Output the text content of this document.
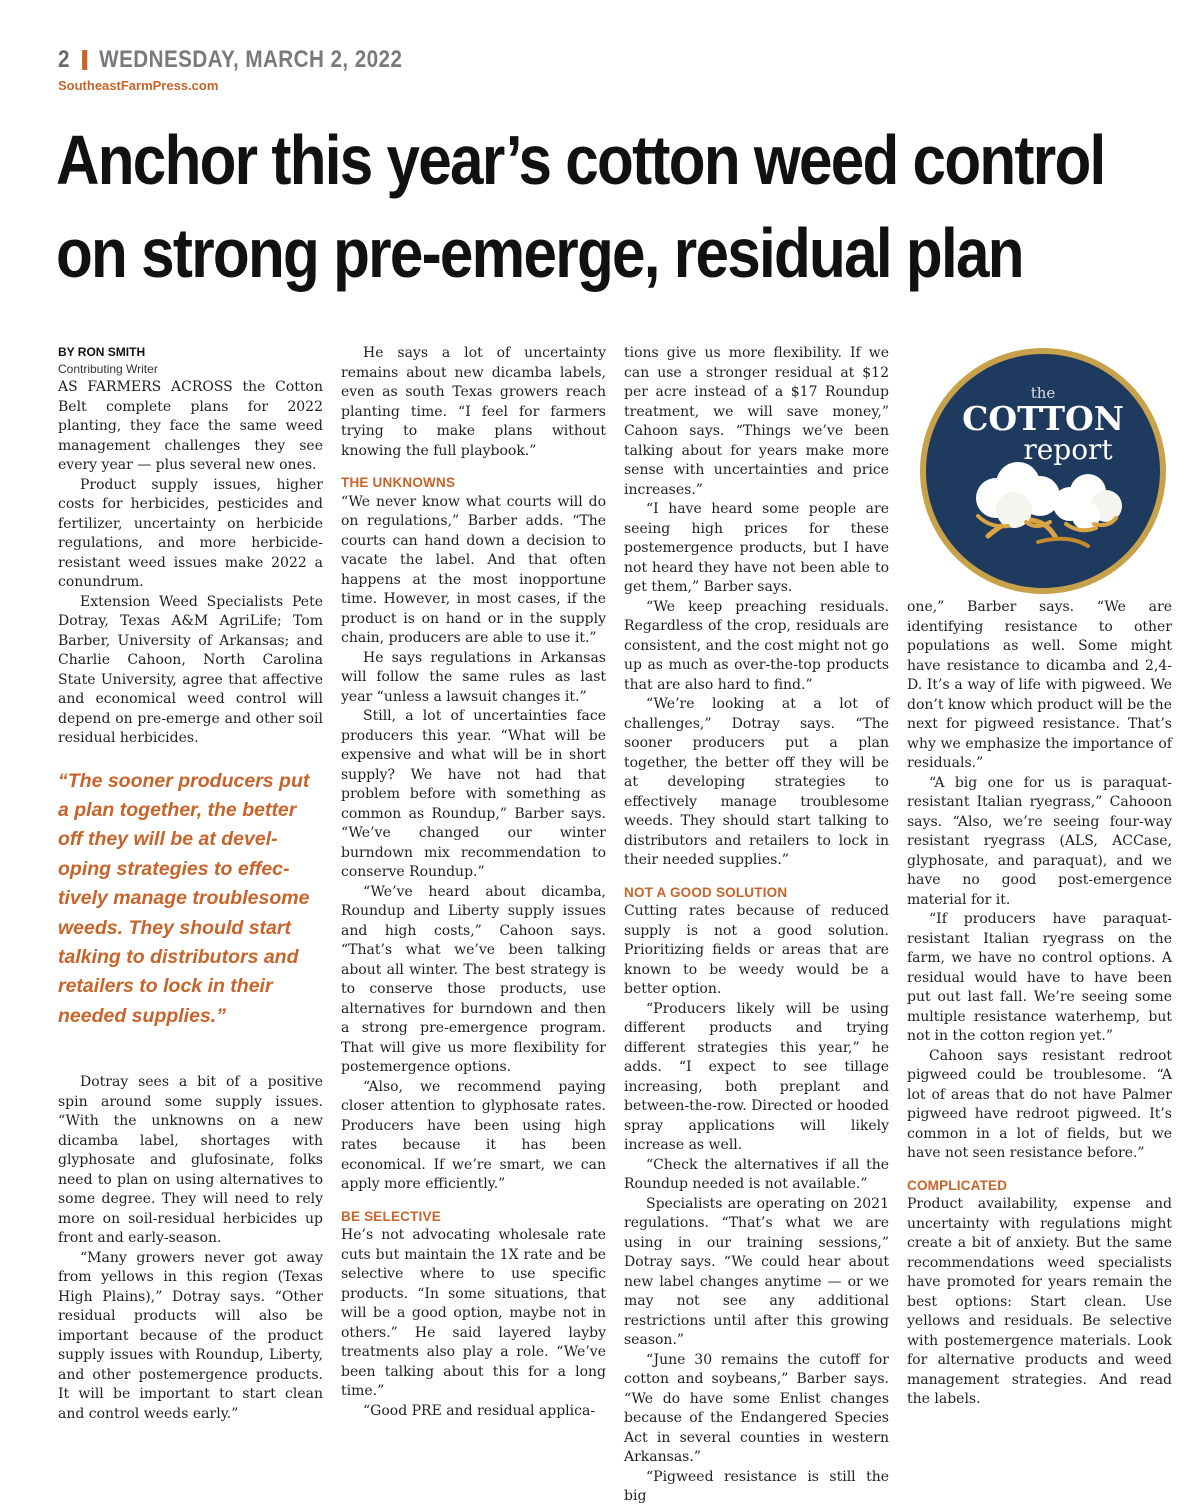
2 WEDNESDAY, MARCH 2, 2022
SoutheastFarmPress.com
Anchor this year’s cotton weed control
on strong pre-emerge, residual plan

BY RON SMITH

Contributing Writer

AS FARMERS ACROSS the Cotton Belt complete plans for 2022 planting, they face the same weed management challenges they see every year — plus several new ones.

Product supply issues, higher costs for herbicides, pesticides and fertilizer, uncertainty on herbicide regulations, and more herbicide-resistant weed issues make 2022 a conundrum.

Extension Weed Specialists Pete Dotray, Texas A&M AgriLife; Tom Barber, University of Arkansas; and Charlie Cahoon, North Carolina State University, agree that affective and economical weed control will depend on pre-emerge and other soil residual herbicides.

“The sooner producers put
a plan together, the better
off they will be at devel-
oping strategies to effec-
tively manage troublesome
weeds. They should start
talking to distributors and
retailers to lock in their
needed supplies.”

Dotray sees a bit of a positive spin around some supply issues. “With the unknowns on a new dicamba label, shortages with glyphosate and glufosinate, folks need to plan on using alternatives to some degree. They will need to rely more on soil-residual herbicides up front and early-season.

“Many growers never got away from yellows in this region (Texas High Plains),” Dotray says. “Other residual products will also be important because of the product supply issues with Roundup, Liberty, and other postemergence products. It will be important to start clean and control weeds early.”

He says a lot of uncertainty remains about new dicamba labels, even as south Texas growers reach planting time. “I feel for farmers trying to make plans without knowing the full playbook.”

THE UNKNOWNS

“We never know what courts will do on regulations,” Barber adds. “The courts can hand down a decision to vacate the label. And that often happens at the most inopportune time. However, in most cases, if the product is on hand or in the supply chain, producers are able to use it.”

He says regulations in Arkansas will follow the same rules as last year “unless a lawsuit changes it.”

Still, a lot of uncertainties face producers this year. “What will be expensive and what will be in short supply? We have not had that problem before with something as common as Roundup,” Barber says. “We’ve changed our winter burndown mix recommendation to conserve Roundup.”

“We’ve heard about dicamba, Roundup and Liberty supply issues and high costs,” Cahoon says. “That’s what we’ve been talking about all winter. The best strategy is to conserve those products, use alternatives for burndown and then a strong pre-emergence program. That will give us more flexibility for postemergence options.

“Also, we recommend paying closer attention to glyphosate rates. Producers have been using high rates because it has been economical. If we’re smart, we can apply more efficiently.”

BE SELECTIVE

He’s not advocating wholesale rate cuts but maintain the 1X rate and be selective where to use specific products. “In some situations, that will be a good option, maybe not in others.” He said layered layby treatments also play a role. “We’ve been talking about this for a long time.”

“Good PRE and residual applica-

tions give us more flexibility. If we can use a stronger residual at $12 per acre instead of a $17 Roundup treatment, we will save money,” Cahoon says. “Things we’ve been talking about for years make more sense with uncertainties and price increases.”

“I have heard some people are seeing high prices for these postemergence products, but I have not heard they have not been able to get them,” Barber says.

“We keep preaching residuals. Regardless of the crop, residuals are consistent, and the cost might not go up as much as over-the-top products that are also hard to find.”

“We’re looking at a lot of challenges,” Dotray says. “The sooner producers put a plan together, the better off they will be at developing strategies to effectively manage troublesome weeds. They should start talking to distributors and retailers to lock in their needed supplies.”

NOT A GOOD SOLUTION

Cutting rates because of reduced supply is not a good solution. Prioritizing fields or areas that are known to be weedy would be a better option.

“Producers likely will be using different products and trying different strategies this year,” he adds. “I expect to see tillage increasing, both preplant and between-the-row. Directed or hooded spray applications will likely increase as well.

“Check the alternatives if all the Roundup needed is not available.”

Specialists are operating on 2021 regulations. “That’s what we are using in our training sessions,” Dotray says. “We could hear about new label changes anytime — or we may not see any additional restrictions until after this growing season.”

“June 30 remains the cutoff for cotton and soybeans,” Barber says. “We do have some Enlist changes because of the Endangered Species Act in several counties in western Arkansas.”

“Pigweed resistance is still the big

the
COTTON
report

one,” Barber says. “We are identifying resistance to other populations as well. Some might have resistance to dicamba and 2,4-D. It’s a way of life with pigweed. We don’t know which product will be the next for pigweed resistance. That’s why we emphasize the importance of residuals.”

“A big one for us is paraquat-resistant Italian ryegrass,” Cahooon says. “Also, we’re seeing four-way resistant ryegrass (ALS, ACCase, glyphosate, and paraquat), and we have no good post-emergence material for it.

“If producers have paraquat-resistant Italian ryegrass on the farm, we have no control options. A residual would have to have been put out last fall. We’re seeing some multiple resistance waterhemp, but not in the cotton region yet.”

Cahoon says resistant redroot pigweed could be troublesome. “A lot of areas that do not have Palmer pigweed have redroot pigweed. It’s common in a lot of fields, but we have not seen resistance before.”

COMPLICATED

Product availability, expense and uncertainty with regulations might create a bit of anxiety. But the same recommendations weed specialists have promoted for years remain the best options: Start clean. Use yellows and residuals. Be selective with postemergence materials. Look for alternative products and weed management strategies. And read the labels.
